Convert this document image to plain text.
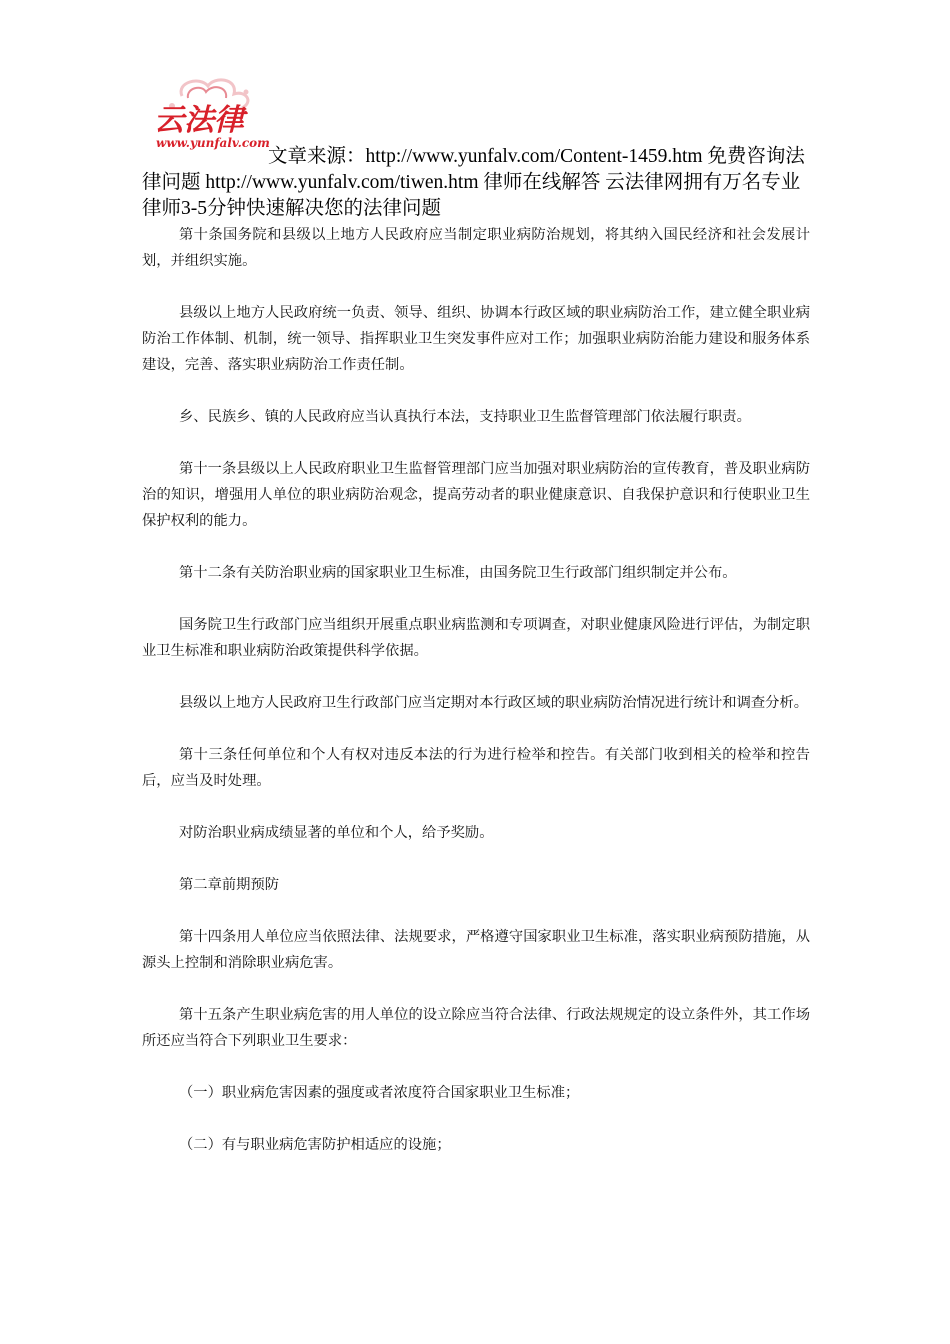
云法律
www.yunfalv.com
文章来源：http://www.yunfalv.com/Content-1459.htm 免费咨询法律问题 http://www.yunfalv.com/tiwen.htm 律师在线解答 云法律网拥有万名专业律师3-5分钟快速解决您的法律问题

第十条国务院和县级以上地方人民政府应当制定职业病防治规划，将其纳入国民经济和社会发展计划，并组织实施。

县级以上地方人民政府统一负责、领导、组织、协调本行政区域的职业病防治工作，建立健全职业病防治工作体制、机制，统一领导、指挥职业卫生突发事件应对工作；加强职业病防治能力建设和服务体系建设，完善、落实职业病防治工作责任制。

乡、民族乡、镇的人民政府应当认真执行本法，支持职业卫生监督管理部门依法履行职责。

第十一条县级以上人民政府职业卫生监督管理部门应当加强对职业病防治的宣传教育，普及职业病防治的知识，增强用人单位的职业病防治观念，提高劳动者的职业健康意识、自我保护意识和行使职业卫生保护权利的能力。

第十二条有关防治职业病的国家职业卫生标准，由国务院卫生行政部门组织制定并公布。

国务院卫生行政部门应当组织开展重点职业病监测和专项调查，对职业健康风险进行评估，为制定职业卫生标准和职业病防治政策提供科学依据。

县级以上地方人民政府卫生行政部门应当定期对本行政区域的职业病防治情况进行统计和调查分析。

第十三条任何单位和个人有权对违反本法的行为进行检举和控告。有关部门收到相关的检举和控告后，应当及时处理。

对防治职业病成绩显著的单位和个人，给予奖励。

第二章前期预防

第十四条用人单位应当依照法律、法规要求，严格遵守国家职业卫生标准，落实职业病预防措施，从源头上控制和消除职业病危害。

第十五条产生职业病危害的用人单位的设立除应当符合法律、行政法规规定的设立条件外，其工作场所还应当符合下列职业卫生要求：

（一）职业病危害因素的强度或者浓度符合国家职业卫生标准；

（二）有与职业病危害防护相适应的设施；
